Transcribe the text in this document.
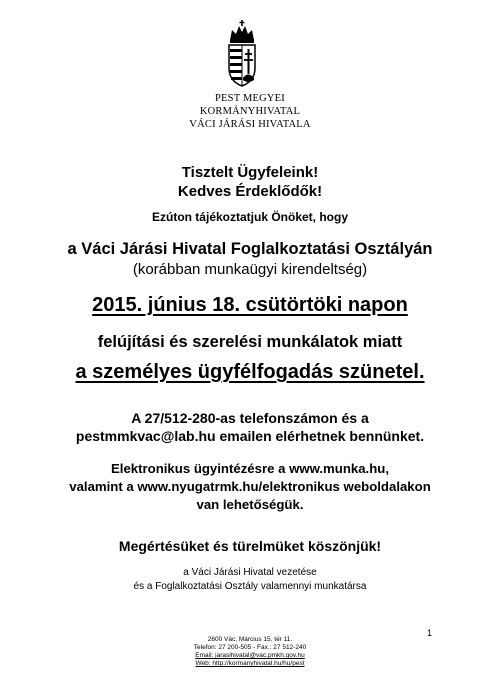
PEST MEGYEI
KORMÁNYHIVATAL
VÁCI JÁRÁSI HIVATALA
Tisztelt Ügyfeleink!
Kedves Érdeklődők!
Ezúton tájékoztatjuk Önöket, hogy
a Váci Járási Hivatal Foglalkoztatási Osztályán
(korábban munkaügyi kirendeltség)
2015. június 18. csütörtöki napon
felújítási és szerelési munkálatok miatt
a személyes ügyfélfogadás szünetel.
A 27/512-280-as telefonszámon és a
pestmmkvac@lab.hu emailen elérhetnek bennünket.
Elektronikus ügyintézésre a www.munka.hu,
valamint a www.nyugatrmk.hu/elektronikus weboldalakon
van lehetőségük.
Megértésüket és türelmüket köszönjük!
a Váci Járási Hivatal vezetése
és a Foglalkoztatási Osztály valamennyi munkatársa
1
2600 Vác, Március 15. tér 11.
Telefon: 27 200-505 - Fax.: 27 512-240
Email: jarasihivatal@vac.pmkh.gov.hu
Web: http://kormanyhivatal.hu/hu/pest
